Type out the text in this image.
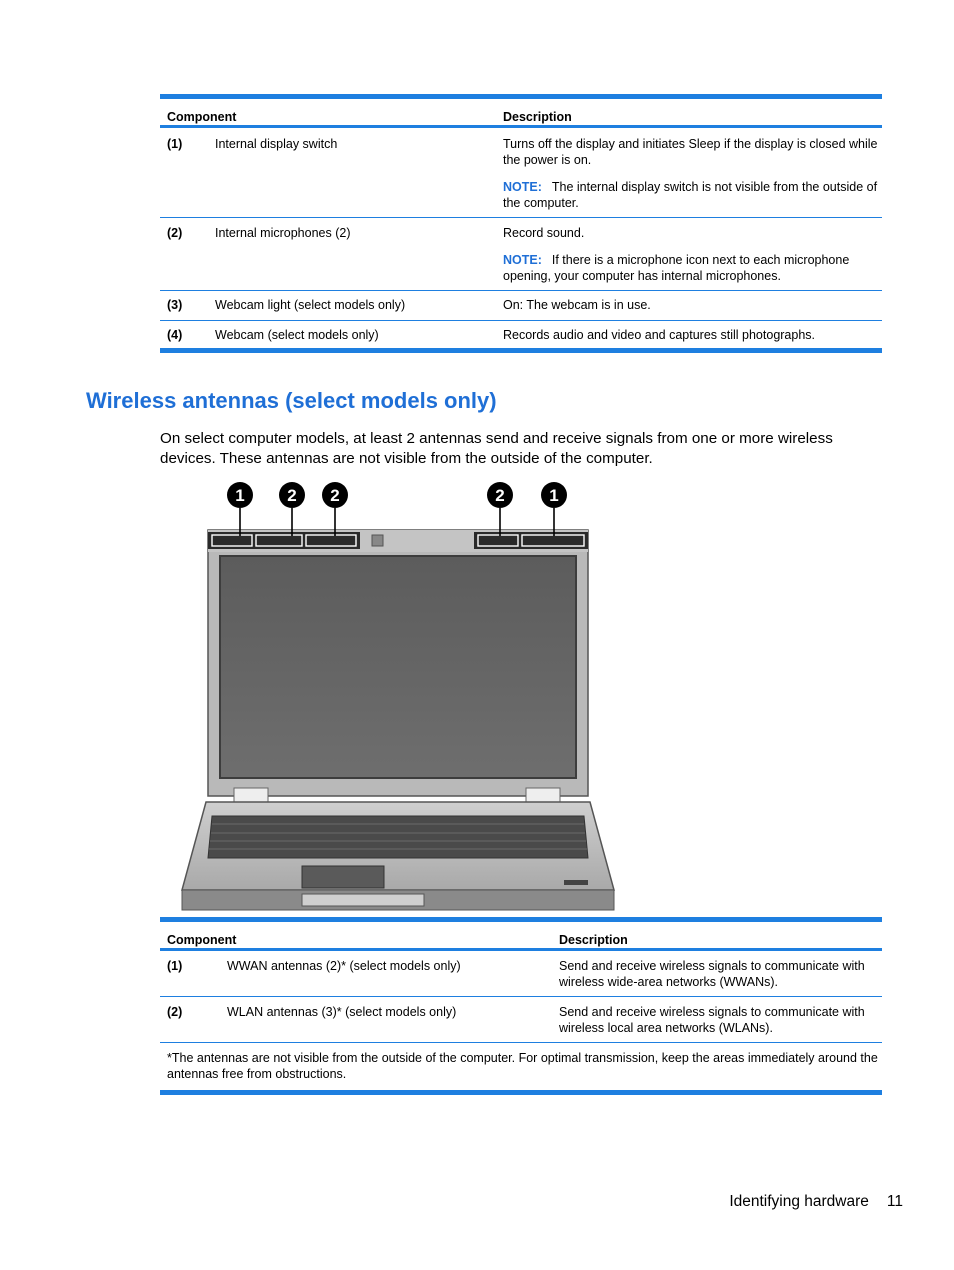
Component		Description
(1)	Internal display switch	Turns off the display and initiates Sleep if the display is closed while the power is on.
NOTE: The internal display switch is not visible from the outside of the computer.

(2)	Internal microphones (2)	Record sound.
NOTE: If there is a microphone icon next to each microphone opening, your computer has internal microphones.

(3)	Webcam light (select models only)	On: The webcam is in use.
(4)	Webcam (select models only)	Records audio and video and captures still photographs.
Wireless antennas (select models only)

On select computer models, at least 2 antennas send and receive signals from one or more wireless devices. These antennas are not visible from the outside of the computer.

1	2 2	2	1
Component		Description
(1)	WWAN antennas (2)* (select models only)	Send and receive wireless signals to communicate with wireless wide-area networks (WWANs).
(2)	WLAN antennas (3)* (select models only)	Send and receive wireless signals to communicate with wireless local area networks (WLANs).
*The antennas are not visible from the outside of the computer. For optimal transmission, keep the areas immediately around the antennas free from obstructions.		
Identifying hardware 11
